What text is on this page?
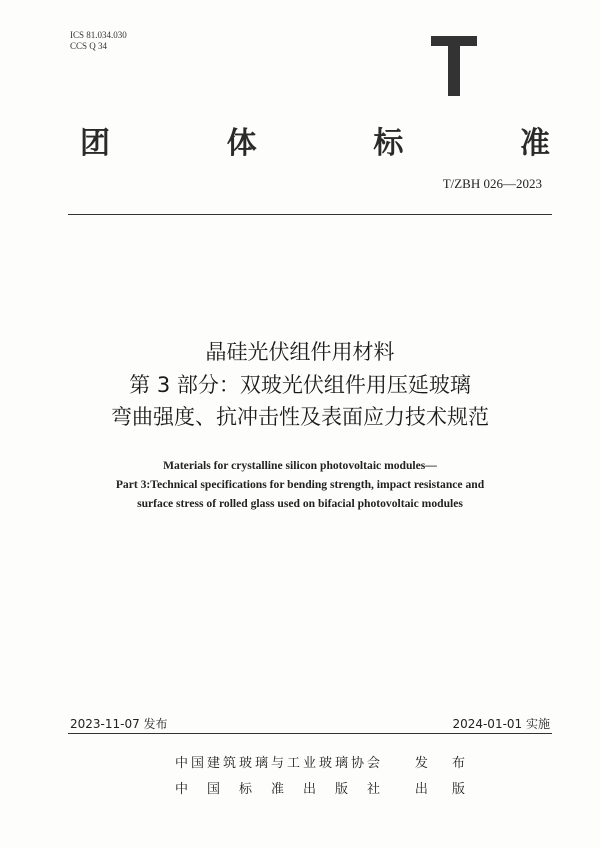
ICS 81.034.030
CCS Q 34
团	体	标	准
T/ZBH 026—2023
晶硅光伏组件用材料
第 3 部分：双玻光伏组件用压延玻璃
弯曲强度、抗冲击性及表面应力技术规范
Materials for crystalline silicon photovoltaic modules—
Part 3:Technical specifications for bending strength, impact resistance and
surface stress of rolled glass used on bifacial photovoltaic modules
2023-11-07 发布	2024-01-01 实施
中国建筑玻璃与工业玻璃协会 发 布
中国标准出版社 出 版
